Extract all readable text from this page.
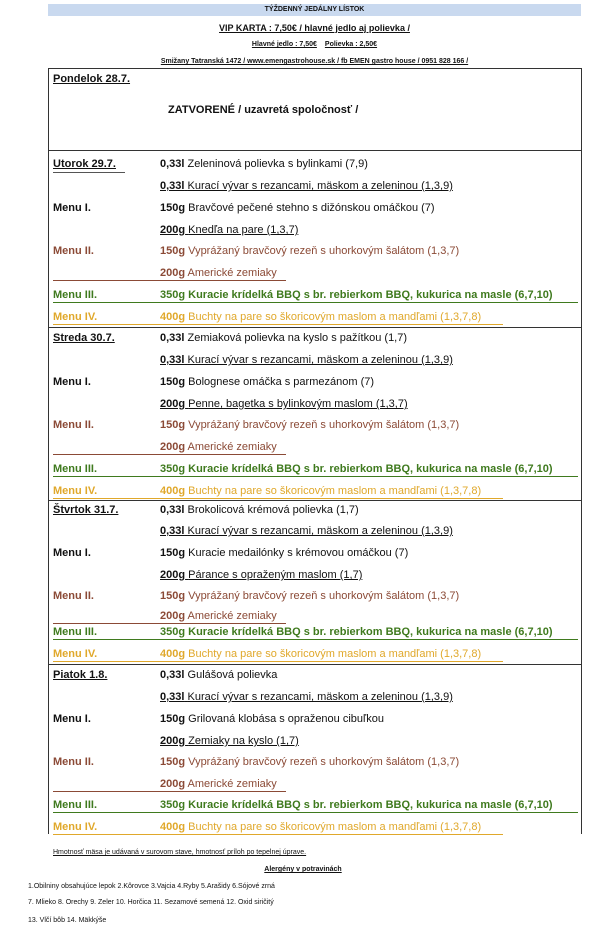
TÝŽDENNÝ JEDÁLNY LÍSTOK
VIP KARTA : 7,50€ / hlavné jedlo aj polievka /
Hlavné jedlo : 7,50€ Polievka : 2,50€
Smižany Tatranská 1472 / www.emengastrohouse.sk / fb EMEN gastro house / 0951 828 166 /
Pondelok 28.7.
ZATVORENÉ / uzavretá spoločnosť /
Utorok 29.7.	0,33l Zeleninová polievka s bylinkami (7,9)
0,33l Kurací vývar s rezancami, mäskom a zeleninou (1,3,9)
Menu I.	150g Bravčové pečené stehno s dižónskou omáčkou (7)
200g Knedľa na pare (1,3,7)
Menu II.	150g Vyprážaný bravčový rezeň s uhorkovým šalátom (1,3,7)
200g Americké zemiaky
Menu III.	350g Kuracie krídelká BBQ s br. rebierkom BBQ, kukurica na masle (6,7,10)
Menu IV.	400g Buchty na pare so škoricovým maslom a mandľami (1,3,7,8)
Streda 30.7.	0,33l Zemiaková polievka na kyslo s pažítkou (1,7)
0,33l Kurací vývar s rezancami, mäskom a zeleninou (1,3,9)
Menu I.	150g Bolognese omáčka s parmezánom (7)
200g Penne, bagetka s bylinkovým maslom (1,3,7)
Menu II.	150g Vyprážaný bravčový rezeň s uhorkovým šalátom (1,3,7)
200g Americké zemiaky
Menu III.	350g Kuracie krídelká BBQ s br. rebierkom BBQ, kukurica na masle (6,7,10)
Menu IV.	400g Buchty na pare so škoricovým maslom a mandľami (1,3,7,8)
Štvrtok 31.7.	0,33l Brokolicová krémová polievka (1,7)
0,33l Kurací vývar s rezancami, mäskom a zeleninou (1,3,9)
Menu I.	150g Kuracie medailónky s krémovou omáčkou (7)
200g Párance s opraženým maslom (1,7)
Menu II.	150g Vyprážaný bravčový rezeň s uhorkovým šalátom (1,3,7)
200g Americké zemiaky
Menu III.	350g Kuracie krídelká BBQ s br. rebierkom BBQ, kukurica na masle (6,7,10)
Menu IV.	400g Buchty na pare so škoricovým maslom a mandľami (1,3,7,8)
Piatok 1.8.	0,33l Gulášová polievka
0,33l Kurací vývar s rezancami, mäskom a zeleninou (1,3,9)
Menu I.	150g Grilovaná klobása s opraženou cibuľkou
200g Zemiaky na kyslo (1,7)
Menu II.	150g Vyprážaný bravčový rezeň s uhorkovým šalátom (1,3,7)
200g Americké zemiaky
Menu III.	350g Kuracie krídelká BBQ s br. rebierkom BBQ, kukurica na masle (6,7,10)
Menu IV.	400g Buchty na pare so škoricovým maslom a mandľami (1,3,7,8)
Hmotnosť mäsa je udávaná v surovom stave, hmotnosť príloh po tepelnej úprave.
Alergény v potravinách
1.Obilniny obsahujúce lepok 2.Kôrovce 3.Vajcia 4.Ryby 5.Arašidy 6.Sójové zrná
7. Mlieko 8. Orechy 9. Zeler 10. Horčica 11. Sezamové semená 12. Oxid siričitý
13. Vlčí bôb 14. Mäkkýše
